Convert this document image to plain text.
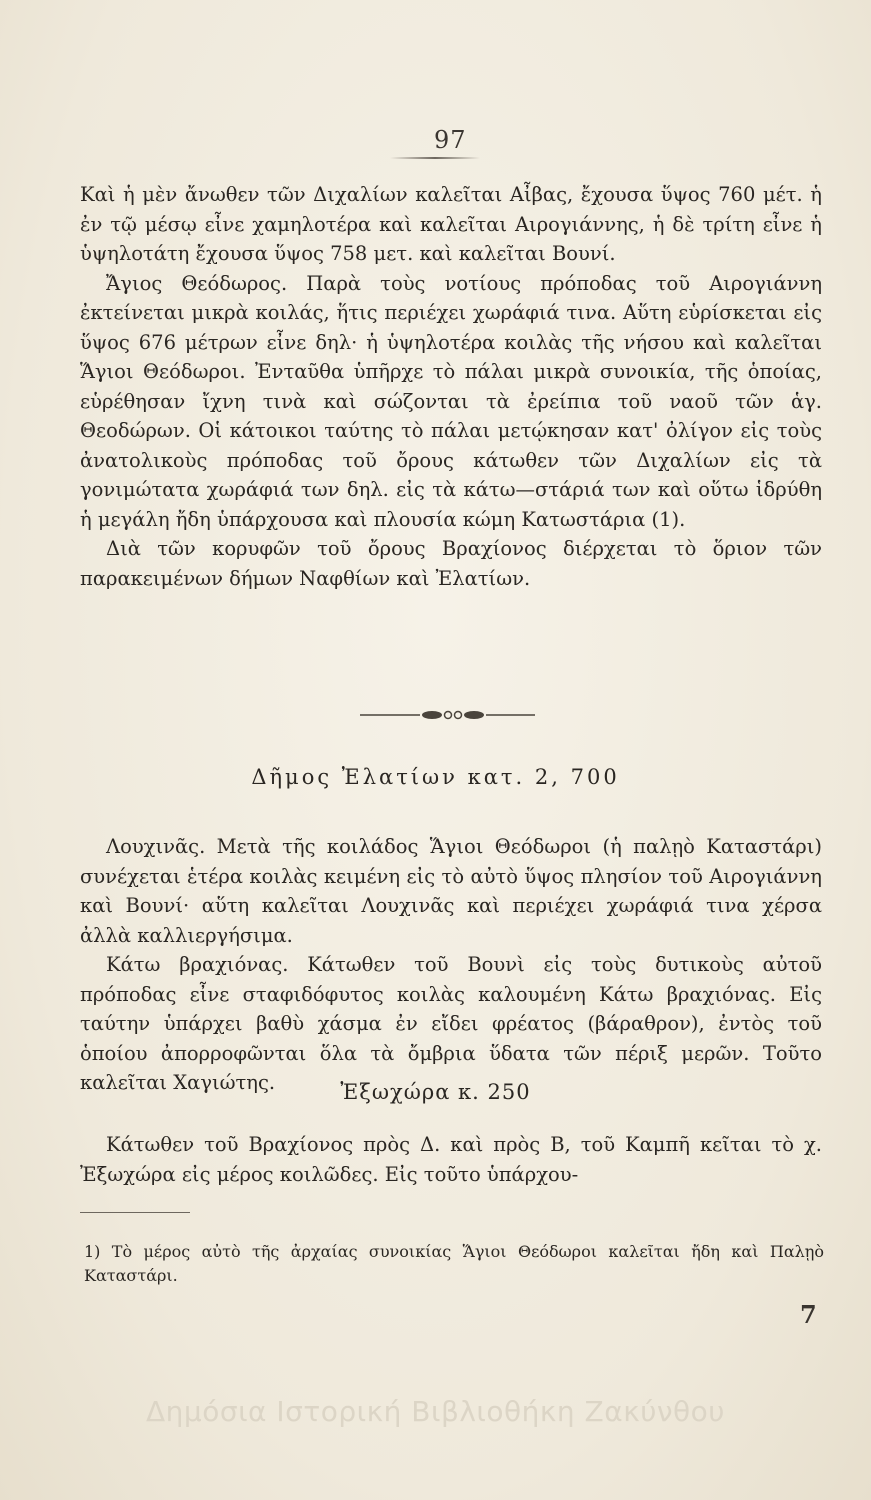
97

Καὶ ἡ μὲν ἄνωθεν τῶν Διχαλίων καλεῖται Αἶβας, ἔχουσα ὕψος 760 μέτ. ἡ ἐν τῷ μέσῳ εἶνε χαμηλοτέρα καὶ καλεῖται Αιρογιάννης, ἡ δὲ τρίτη εἶνε ἡ ὑψηλοτάτη ἔχουσα ὕψος 758 μετ. καὶ καλεῖται Βουνί.

Ἄγιος Θεόδωρος. Παρὰ τοὺς νοτίους πρόποδας τοῦ Αιρογιάννη ἐκτείνεται μικρὰ κοιλάς, ἥτις περιέχει χωράφιά τινα. Αὕτη εὑρίσκεται εἰς ὕψος 676 μέτρων εἶνε δηλ· ἡ ὑψηλοτέρα κοιλὰς τῆς νήσου καὶ καλεῖται Ἅγιοι Θεόδωροι. Ἐνταῦθα ὑπῆρχε τὸ πάλαι μικρὰ συνοικία, τῆς ὁποίας, εὑρέθησαν ἴχνη τινὰ καὶ σώζονται τὰ ἐρείπια τοῦ ναοῦ τῶν ἁγ. Θεοδώρων. Οἱ κάτοικοι ταύτης τὸ πάλαι μετῴκησαν κατ' ὀλίγον εἰς τοὺς ἀνατολικοὺς πρόποδας τοῦ ὄρους κάτωθεν τῶν Διχαλίων εἰς τὰ γονιμώτατα χωράφιά των δηλ. εἰς τὰ κάτω—στάριά των καὶ οὕτω ἱδρύθη ἡ μεγάλη ἤδη ὑπάρχουσα καὶ πλουσία κώμη Κατωστάρια (1).

Διὰ τῶν κορυφῶν τοῦ ὄρους Βραχίονος διέρχεται τὸ ὅριον τῶν παρακειμένων δήμων Ναφθίων καὶ Ἐλατίων.

Δῆμος Ἐλατίων κατ. 2, 700

Λουχινᾶς. Μετὰ τῆς κοιλάδος Ἅγιοι Θεόδωροι (ἡ παλῃὸ Καταστάρι) συνέχεται ἑτέρα κοιλὰς κειμένη εἰς τὸ αὐτὸ ὕψος πλησίον τοῦ Αιρογιάννη καὶ Βουνί· αὕτη καλεῖται Λουχινᾶς καὶ περιέχει χωράφιά τινα χέρσα ἀλλὰ καλλιεργήσιμα.

Κάτω βραχιόνας. Κάτωθεν τοῦ Βουνὶ εἰς τοὺς δυτικοὺς αὐτοῦ πρόποδας εἶνε σταφιδόφυτος κοιλὰς καλουμένη Κάτω βραχιόνας. Εἰς ταύτην ὑπάρχει βαθὺ χάσμα ἐν εἴδει φρέατος (βάραθρον), ἐντὸς τοῦ ὁποίου ἀπορροφῶνται ὅλα τὰ ὄμβρια ὕδατα τῶν πέριξ μερῶν. Τοῦτο καλεῖται Χαγιώτης.	Ἐξωχώρα κ. 250

Κάτωθεν τοῦ Βραχίονος πρὸς Δ. καὶ πρὸς Β, τοῦ Καμπῆ κεῖται τὸ χ. Ἐξωχώρα εἰς μέρος κοιλῶδες. Εἰς τοῦτο ὑπάρχου-

1) Τὸ μέρος αὐτὸ τῆς ἀρχαίας συνοικίας Ἅγιοι Θεόδωροι καλεῖται ἤδη καὶ Παλῃὸ Καταστάρι.

7
Δημόσια Ιστορική Βιβλιοθήκη Ζακύνθου
